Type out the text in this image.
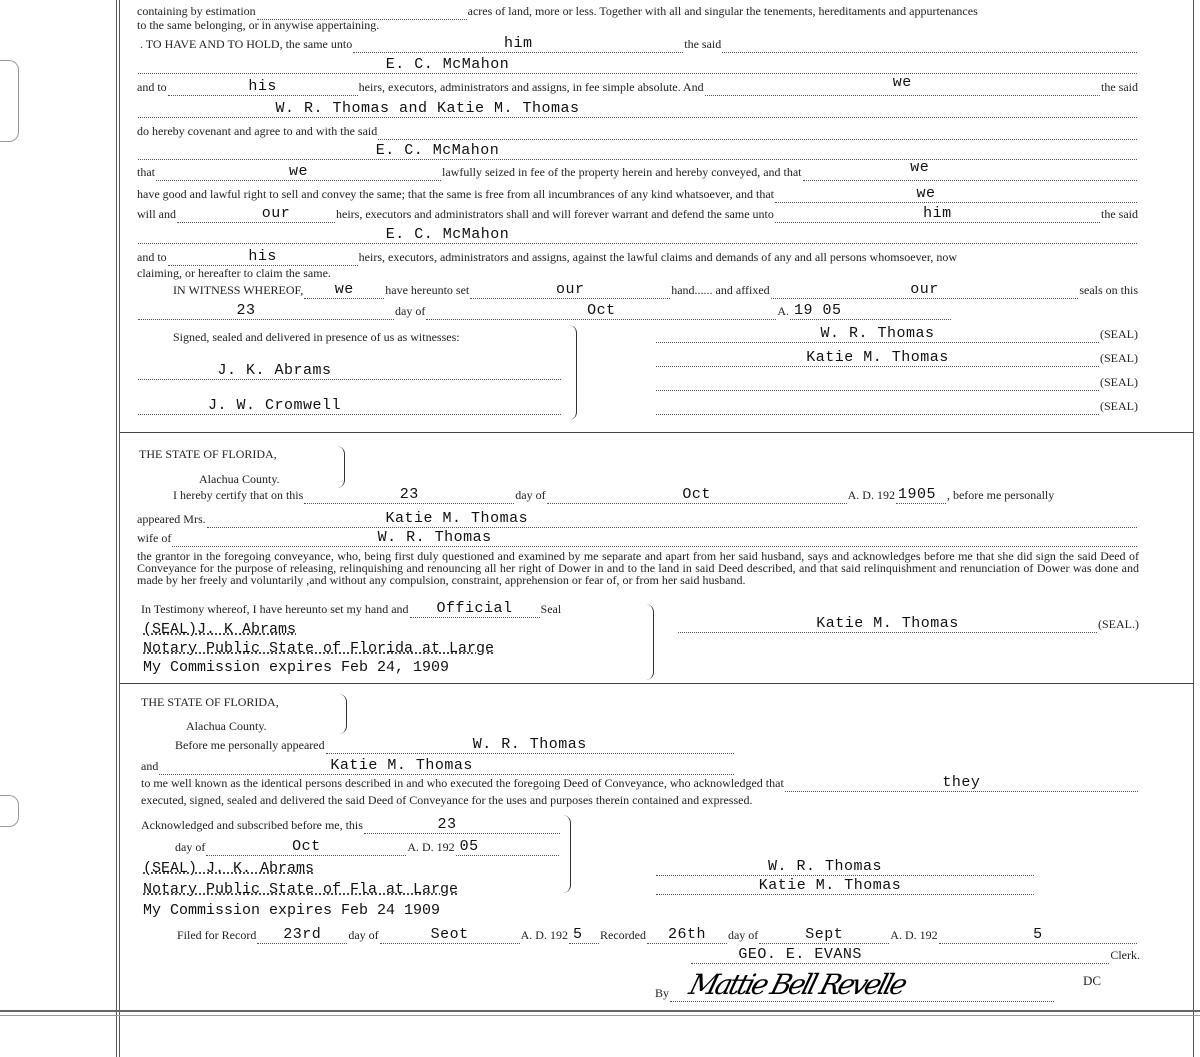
containing by estimation	acres of land, more or less. Together with all and singular the tenements, hereditaments and appurtenances
to the same belonging, or in anywise appertaining.
. TO HAVE AND TO HOLD, the same unto	him	the said
E. C. McMahon
and to	his	heirs, executors, administrators and assigns, in fee simple absolute. And	we	the said
W. R. Thomas and Katie M. Thomas
do hereby covenant and agree to and with the said
E. C. McMahon
that	we	lawfully seized in fee of the property herein and hereby conveyed, and that	we
have good and lawful right to sell and convey the same; that the same is free from all incumbrances of any kind whatsoever, and that	we
will and	our	heirs, executors and administrators shall and will forever warrant and defend the same unto	him	the said
E. C. McMahon
and to	his	heirs, executors, administrators and assigns, against the lawful claims and demands of any and all persons whomsoever, now
claiming, or hereafter to claim the same.
IN WITNESS WHEREOF,	we	have hereunto set	our	hand...... and affixed	our	seals on this
23	day of	Oct	A. 19 05
Signed, sealed and delivered in presence of us as witnesses:
J. K. Abrams
J. W. Cromwell
W. R. Thomas	(SEAL)
Katie M. Thomas	(SEAL)
(SEAL)
(SEAL)
THE STATE OF FLORIDA,
Alachua County.
I hereby certify that on this	23	day of	Oct	A. D. 192 1905 , before me personally
appeared Mrs.	Katie M. Thomas
wife of	W. R. Thomas
the grantor in the foregoing conveyance, who, being first duly questioned and examined by me separate and apart from her said husband, says and acknowledges before me that she did sign the said Deed of Conveyance for the purpose of releasing, relinquishing and renouncing all her right of Dower in and to the land in said Deed described, and that said relinquishment and renunciation of Dower was done and made by her freely and voluntarily ,and without any compulsion, constraint, apprehension or fear of, or from her said husband.
In Testimony whereof, I have hereunto set my hand and	Official	Seal
(SEAL)J. K Abrams
Notary Public State of Florida at Large
My Commission expires Feb 24, 1909
Katie M. Thomas	(SEAL.)
THE STATE OF FLORIDA,
Alachua County.
Before me personally appeared	W. R. Thomas
and	Katie M. Thomas
to me well known as the identical persons described in and who executed the foregoing Deed of Conveyance, who acknowledged that	they
executed, signed, sealed and delivered the said Deed of Conveyance for the uses and purposes therein contained and expressed.
Acknowledged and subscribed before me, this	23
day of	Oct	A. D. 192 05
(SEAL) J. K. Abrams
Notary Public State of Fla at Large
My Commission expires Feb 24 1909
W. R. Thomas
Katie M. Thomas
Filed for Record	23rd	day of	Seot	A. D. 192 5 Recorded	26th	day of	Sept	A. D. 192	5
GEO. E. EVANS	Clerk.
By Mattie Bell Revelle	DC
